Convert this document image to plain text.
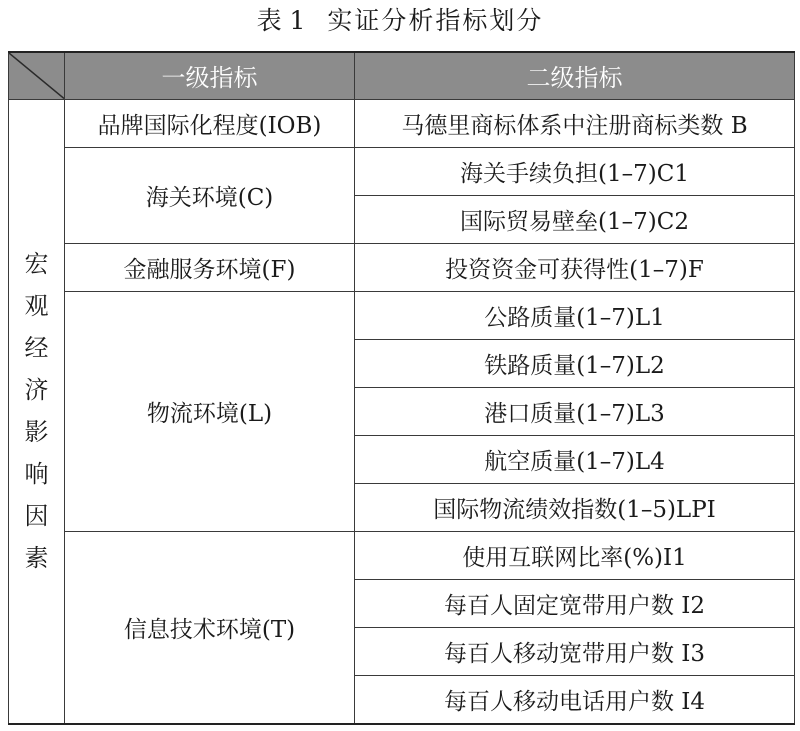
表 1 实证分析指标划分
	一级指标	二级指标
宏观经济影响因素	品牌国际化程度(IOB)	马德里商标体系中注册商标类数 B
	海关环境(C)	海关手续负担(1–7)C1
		国际贸易壁垒(1–7)C2
	金融服务环境(F)	投资资金可获得性(1–7)F
	物流环境(L)	公路质量(1–7)L1
		铁路质量(1–7)L2
		港口质量(1–7)L3
		航空质量(1–7)L4
		国际物流绩效指数(1–5)LPI
	信息技术环境(T)	使用互联网比率(%)I1
		每百人固定宽带用户数 I2
		每百人移动宽带用户数 I3
		每百人移动电话用户数 I4
